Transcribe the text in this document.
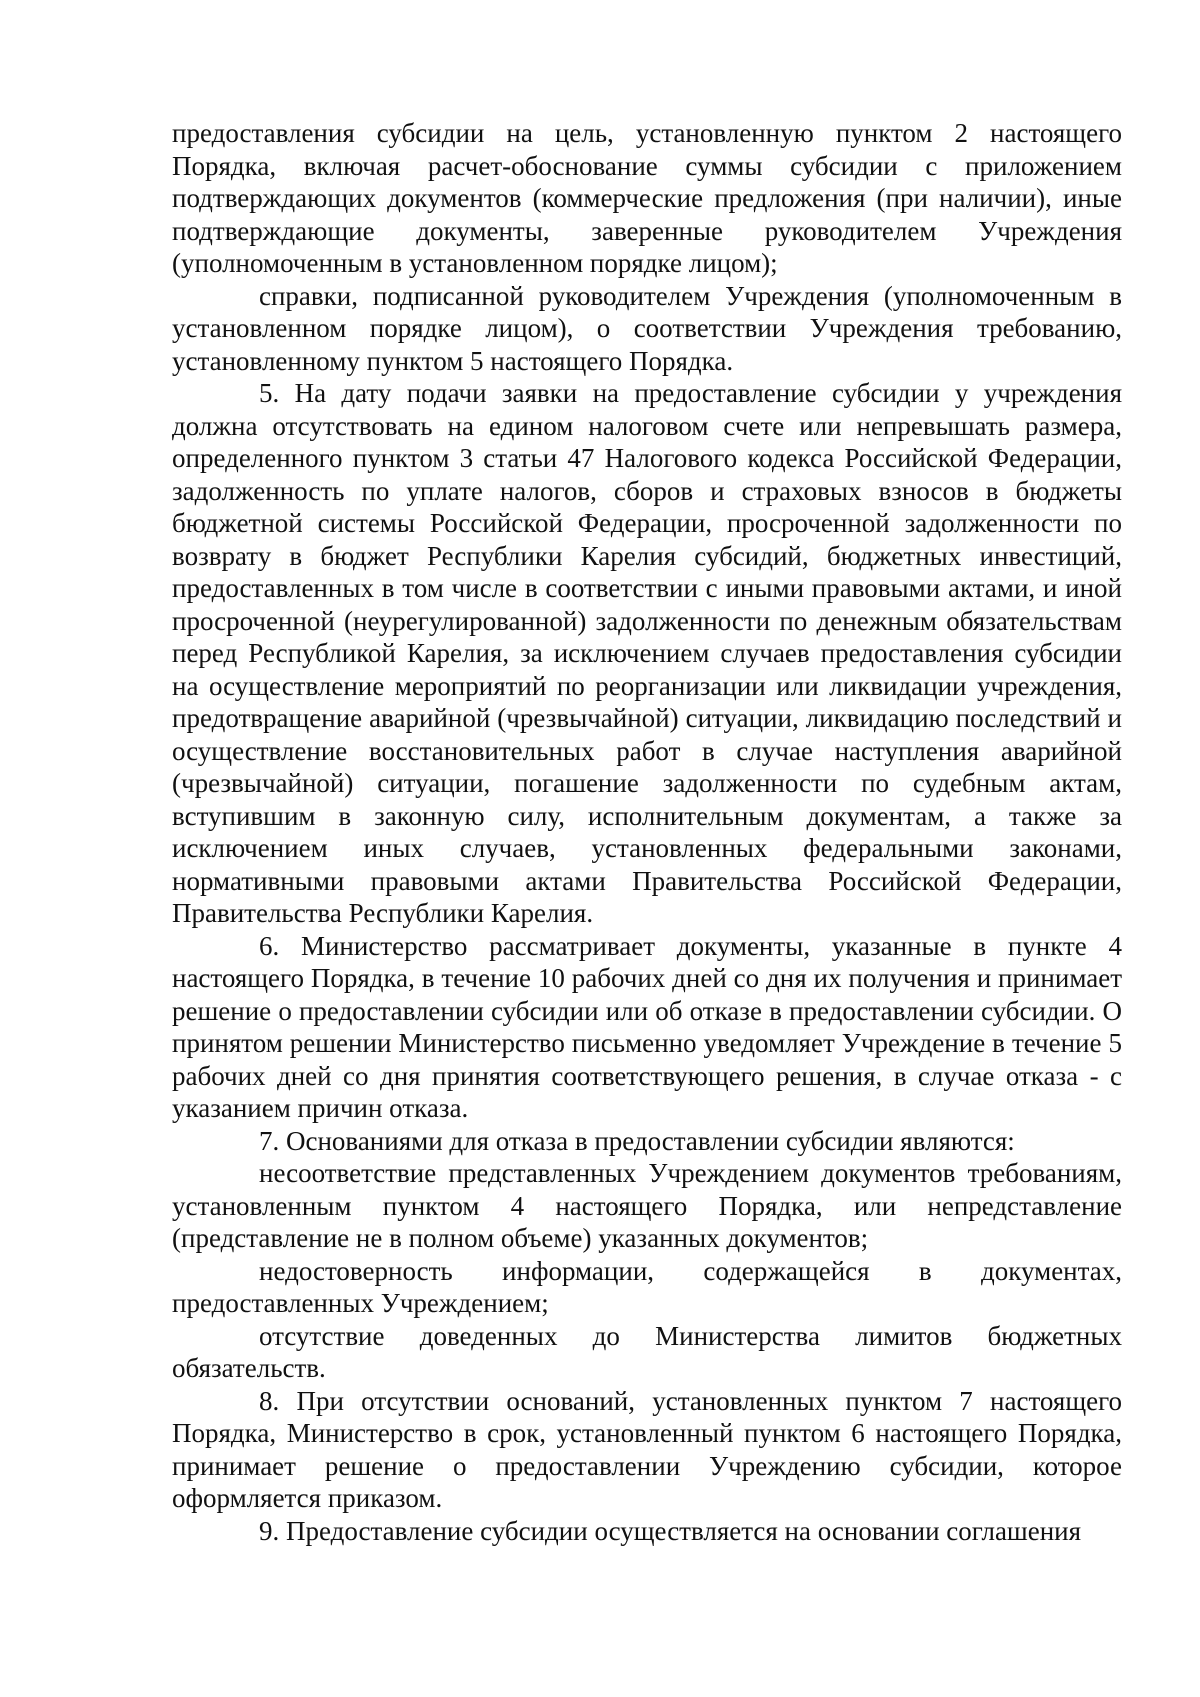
предоставления субсидии на цель, установленную пунктом 2 настоящего Порядка, включая расчет-обоснование суммы субсидии с приложением подтверждающих документов (коммерческие предложения (при наличии), иные подтверждающие документы, заверенные руководителем Учреждения (уполномоченным в установленном порядке лицом);

справки, подписанной руководителем Учреждения (уполномоченным в установленном порядке лицом), о соответствии Учреждения требованию, установленному пунктом 5 настоящего Порядка.

5. На дату подачи заявки на предоставление субсидии у учреждения должна отсутствовать на едином налоговом счете или непревышать размера, определенного пунктом 3 статьи 47 Налогового кодекса Российской Федерации, задолженность по уплате налогов, сборов и страховых взносов в бюджеты бюджетной системы Российской Федерации, просроченной задолженности по возврату в бюджет Республики Карелия субсидий, бюджетных инвестиций, предоставленных в том числе в соответствии с иными правовыми актами, и иной просроченной (неурегулированной) задолженности по денежным обязательствам перед Республикой Карелия, за исключением случаев предоставления субсидии на осуществление мероприятий по реорганизации или ликвидации учреждения, предотвращение аварийной (чрезвычайной) ситуации, ликвидацию последствий и осуществление восстановительных работ в случае наступления аварийной (чрезвычайной) ситуации, погашение задолженности по судебным актам, вступившим в законную силу, исполнительным документам, а также за исключением иных случаев, установленных федеральными законами, нормативными правовыми актами Правительства Российской Федерации, Правительства Республики Карелия.

6. Министерство рассматривает документы, указанные в пункте 4 настоящего Порядка, в течение 10 рабочих дней со дня их получения и принимает решение о предоставлении субсидии или об отказе в предоставлении субсидии. О принятом решении Министерство письменно уведомляет Учреждение в течение 5 рабочих дней со дня принятия соответствующего решения, в случае отказа - с указанием причин отказа.

7. Основаниями для отказа в предоставлении субсидии являются:

несоответствие представленных Учреждением документов требованиям, установленным пунктом 4 настоящего Порядка, или непредставление (представление не в полном объеме) указанных документов;

недостоверность информации, содержащейся в документах, предоставленных Учреждением;

отсутствие доведенных до Министерства лимитов бюджетных обязательств.

8. При отсутствии оснований, установленных пунктом 7 настоящего Порядка, Министерство в срок, установленный пунктом 6 настоящего Порядка, принимает решение о предоставлении Учреждению субсидии, которое оформляется приказом.

9. Предоставление субсидии осуществляется на основании соглашения
